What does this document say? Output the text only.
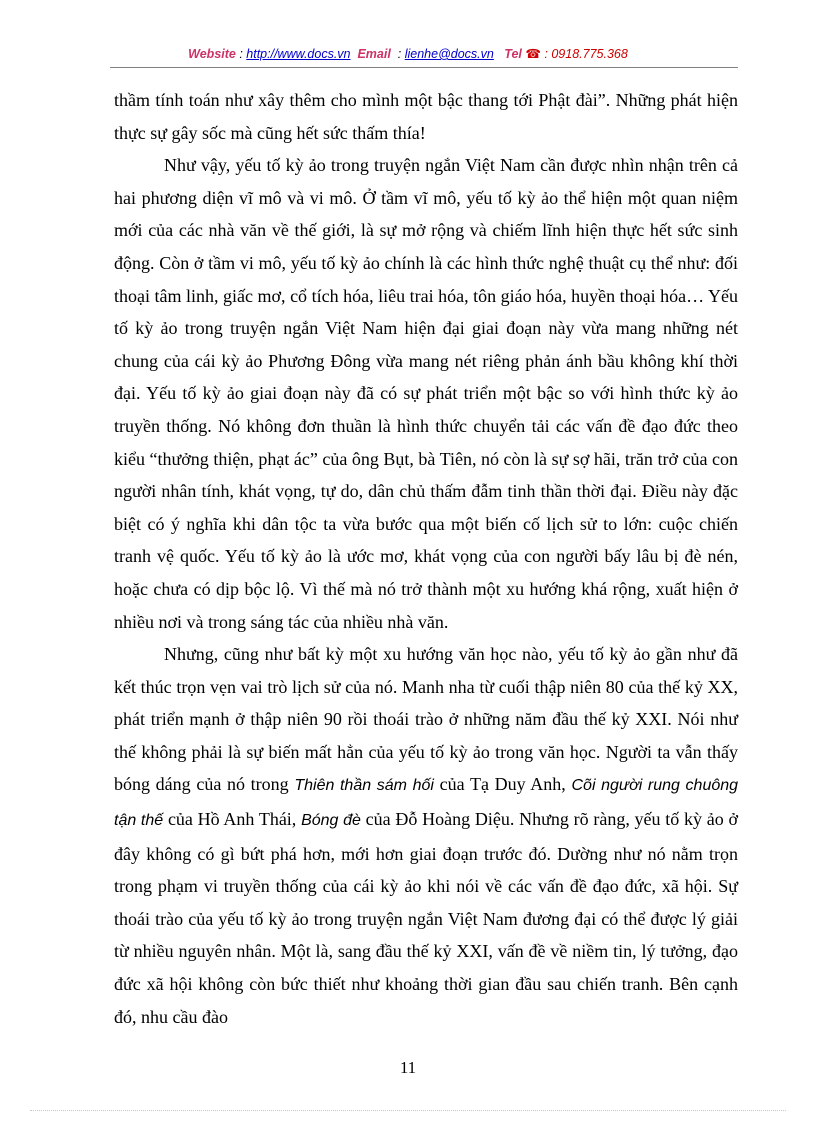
Website : http://www.docs.vn Email  : lienhe@docs.vn Tel ☎ : 0918.775.368

thầm tính toán như xây thêm cho mình một bậc thang tới Phật đài”. Những phát hiện thực sự gây sốc mà cũng hết sức thấm thía!

Như vậy, yếu tố kỳ ảo trong truyện ngắn Việt Nam cần được nhìn nhận trên cả hai phương diện vĩ mô và vi mô. Ở tầm vĩ mô, yếu tố kỳ ảo thể hiện một quan niệm mới của các nhà văn về thế giới, là sự mở rộng và chiếm lĩnh hiện thực hết sức sinh động. Còn ở tầm vi mô, yếu tố kỳ ảo chính là các hình thức nghệ thuật cụ thể như: đối thoại tâm linh, giấc mơ, cổ tích hóa, liêu trai hóa, tôn giáo hóa, huyền thoại hóa… Yếu tố kỳ ảo trong truyện ngắn Việt Nam hiện đại giai đoạn này vừa mang những nét chung của cái kỳ ảo Phương Đông vừa mang nét riêng phản ánh bầu không khí thời đại. Yếu tố kỳ ảo giai đoạn này đã có sự phát triển một bậc so với hình thức kỳ ảo truyền thống. Nó không đơn thuần là hình thức chuyển tải các vấn đề đạo đức theo kiểu “thưởng thiện, phạt ác” của ông Bụt, bà Tiên, nó còn là sự sợ hãi, trăn trở của con người nhân tính, khát vọng, tự do, dân chủ thấm đẫm tinh thần thời đại. Điều này đặc biệt có ý nghĩa khi dân tộc ta vừa bước qua một biến cố lịch sử to lớn: cuộc chiến tranh vệ quốc. Yếu tố kỳ ảo là ước mơ, khát vọng của con người bấy lâu bị đè nén, hoặc chưa có dịp bộc lộ. Vì thế mà nó trở thành một xu hướng khá rộng, xuất hiện ở nhiều nơi và trong sáng tác của nhiều nhà văn.

Nhưng, cũng như bất kỳ một xu hướng văn học nào, yếu tố kỳ ảo gần như đã kết thúc trọn vẹn vai trò lịch sử của nó. Manh nha từ cuối thập niên 80 của thế kỷ XX, phát triển mạnh ở thập niên 90 rồi thoái trào ở những năm đầu thế kỷ XXI. Nói như thế không phải là sự biến mất hẳn của yếu tố kỳ ảo trong văn học. Người ta vẫn thấy bóng dáng của nó trong Thiên thần sám hối của Tạ Duy Anh, Cõi người rung chuông tận thế của Hồ Anh Thái, Bóng đè của Đỗ Hoàng Diệu. Nhưng rõ ràng, yếu tố kỳ ảo ở đây không có gì bứt phá hơn, mới hơn giai đoạn trước đó. Dường như nó nằm trọn trong phạm vi truyền thống của cái kỳ ảo khi nói về các vấn đề đạo đức, xã hội. Sự thoái trào của yếu tố kỳ ảo trong truyện ngắn Việt Nam đương đại có thể được lý giải từ nhiều nguyên nhân. Một là, sang đầu thế kỷ XXI, vấn đề về niềm tin, lý tưởng, đạo đức xã hội không còn bức thiết như khoảng thời gian đầu sau chiến tranh. Bên cạnh đó, nhu cầu đào

11
